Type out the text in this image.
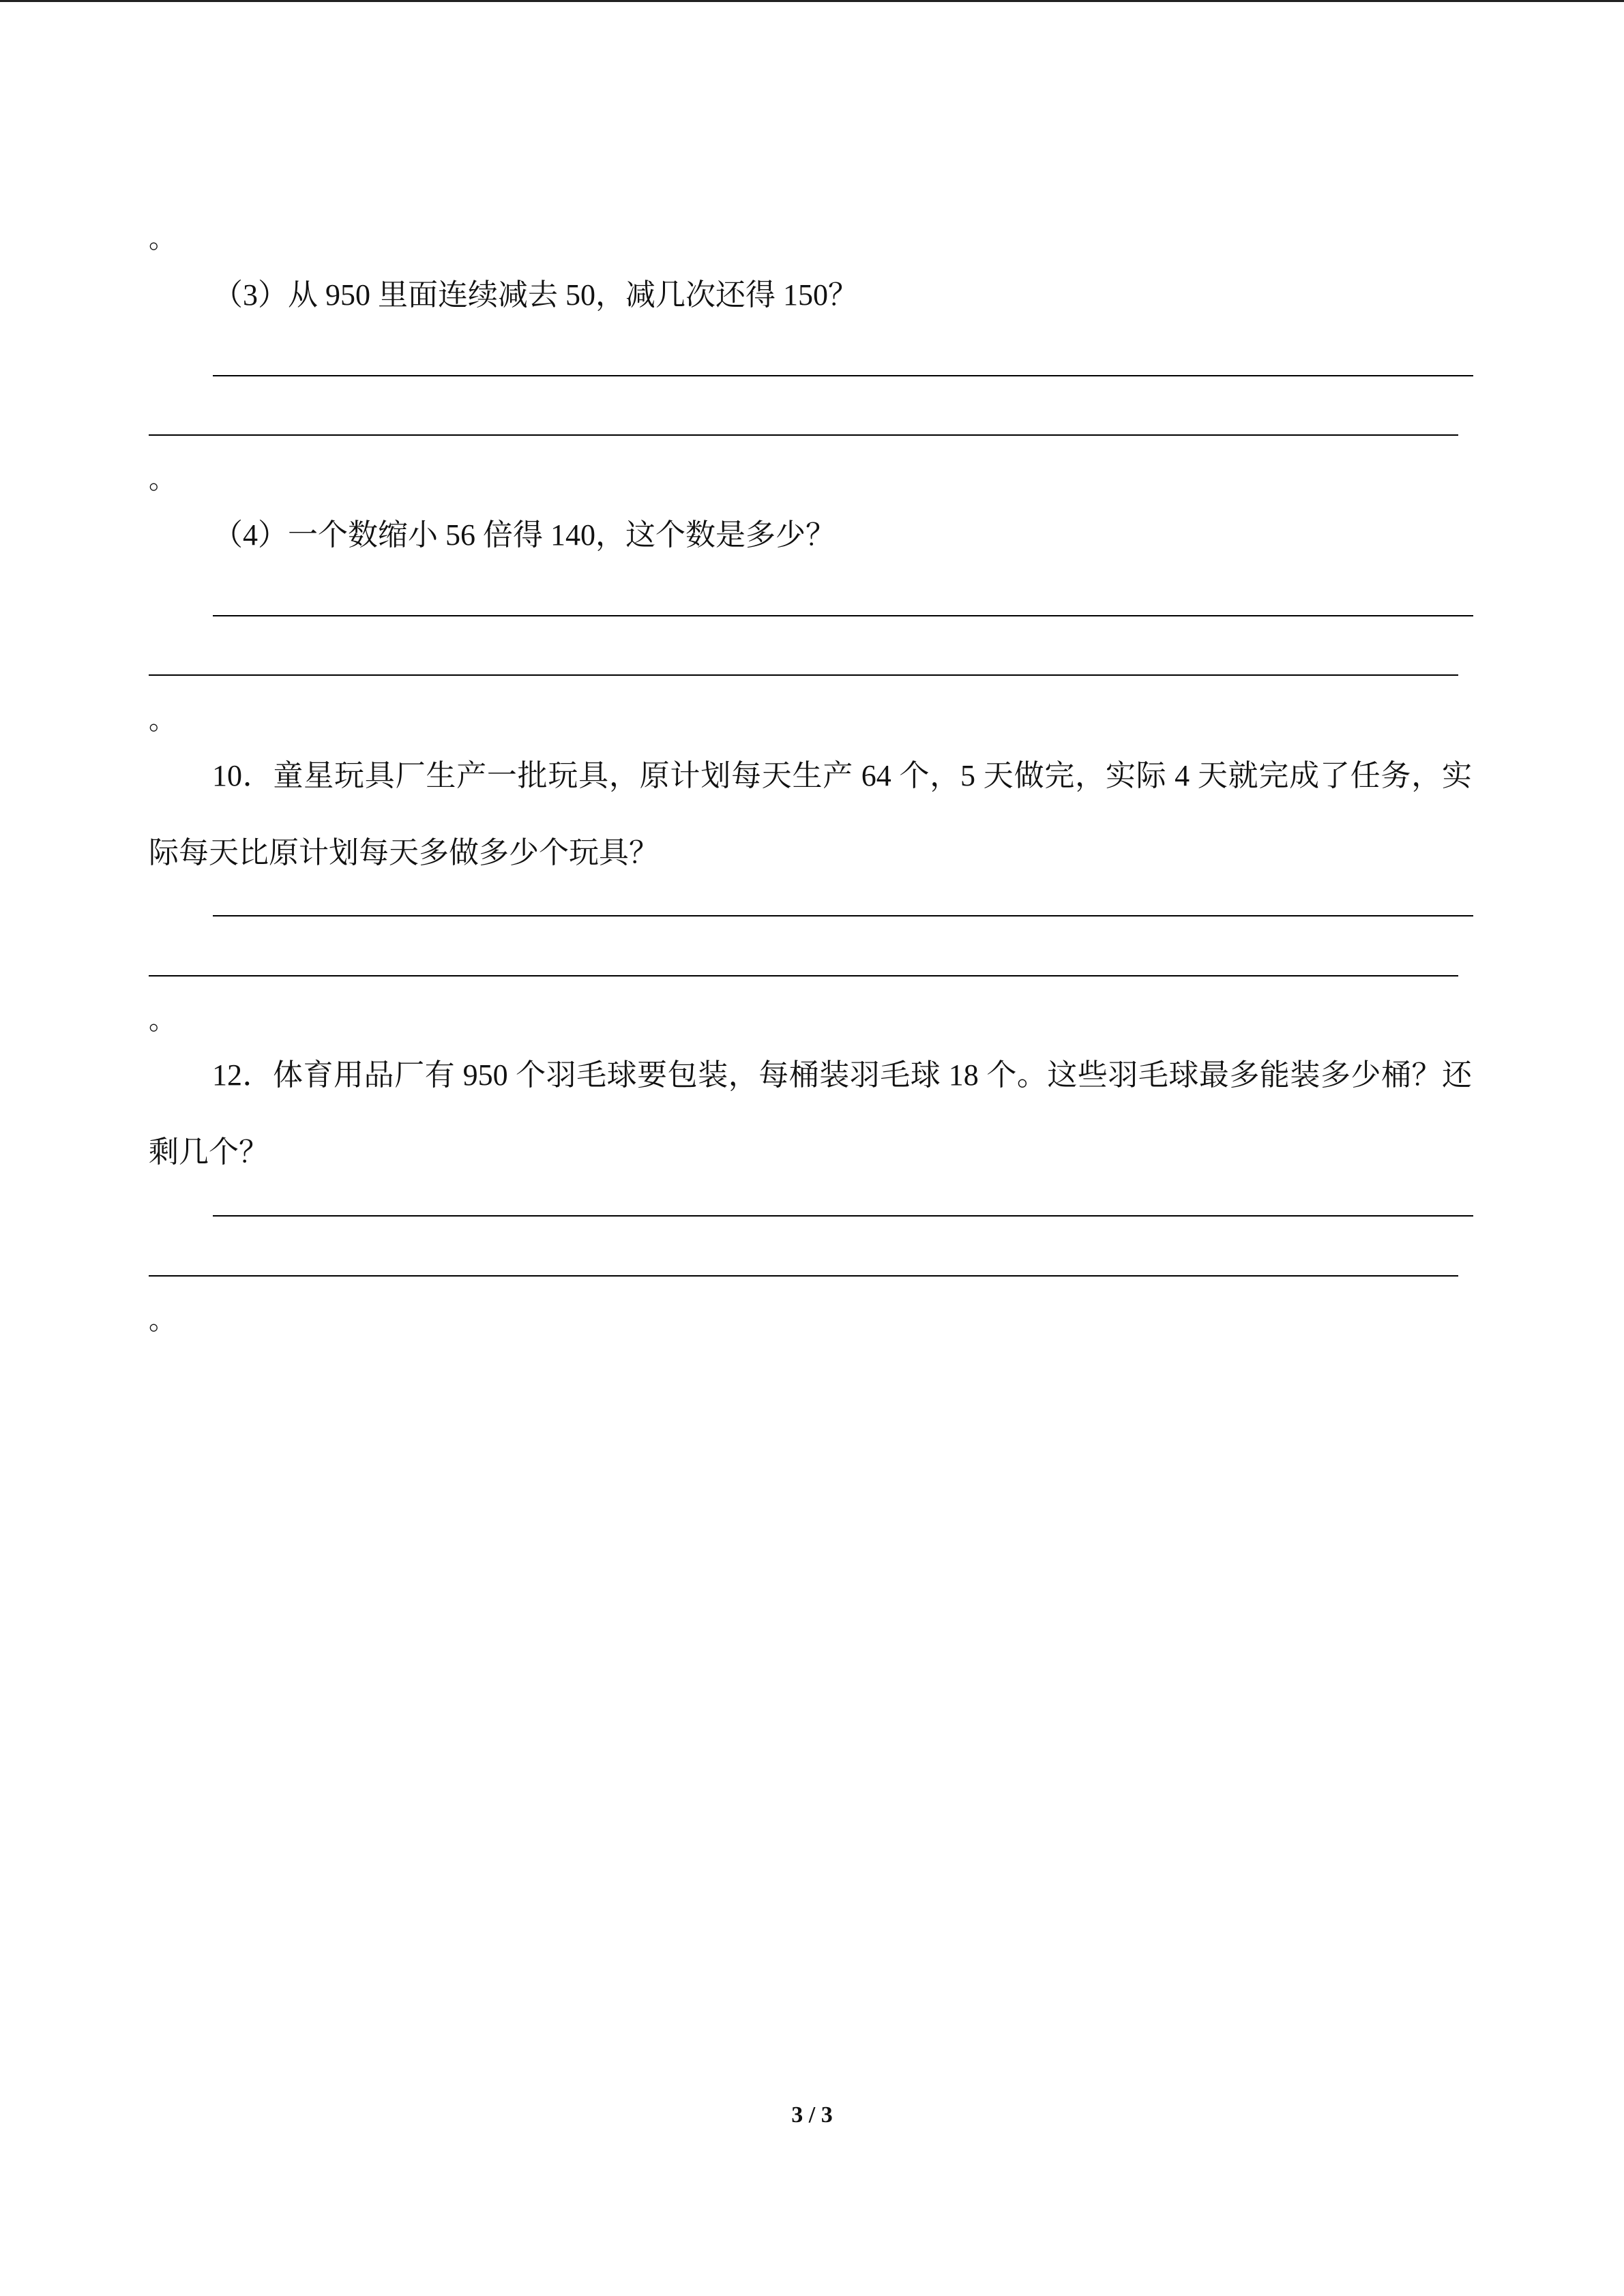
。
（3）从 950 里面连续减去 50，减几次还得 150？
。
（4）一个数缩小 56 倍得 140，这个数是多少？
。
10．童星玩具厂生产一批玩具，原计划每天生产 64 个，5 天做完，实际 4 天就完成了任务，实际每天比原计划每天多做多少个玩具？
。
12．体育用品厂有 950 个羽毛球要包装，每桶装羽毛球 18 个。这些羽毛球最多能装多少桶？还剩几个？
。
3 / 3
